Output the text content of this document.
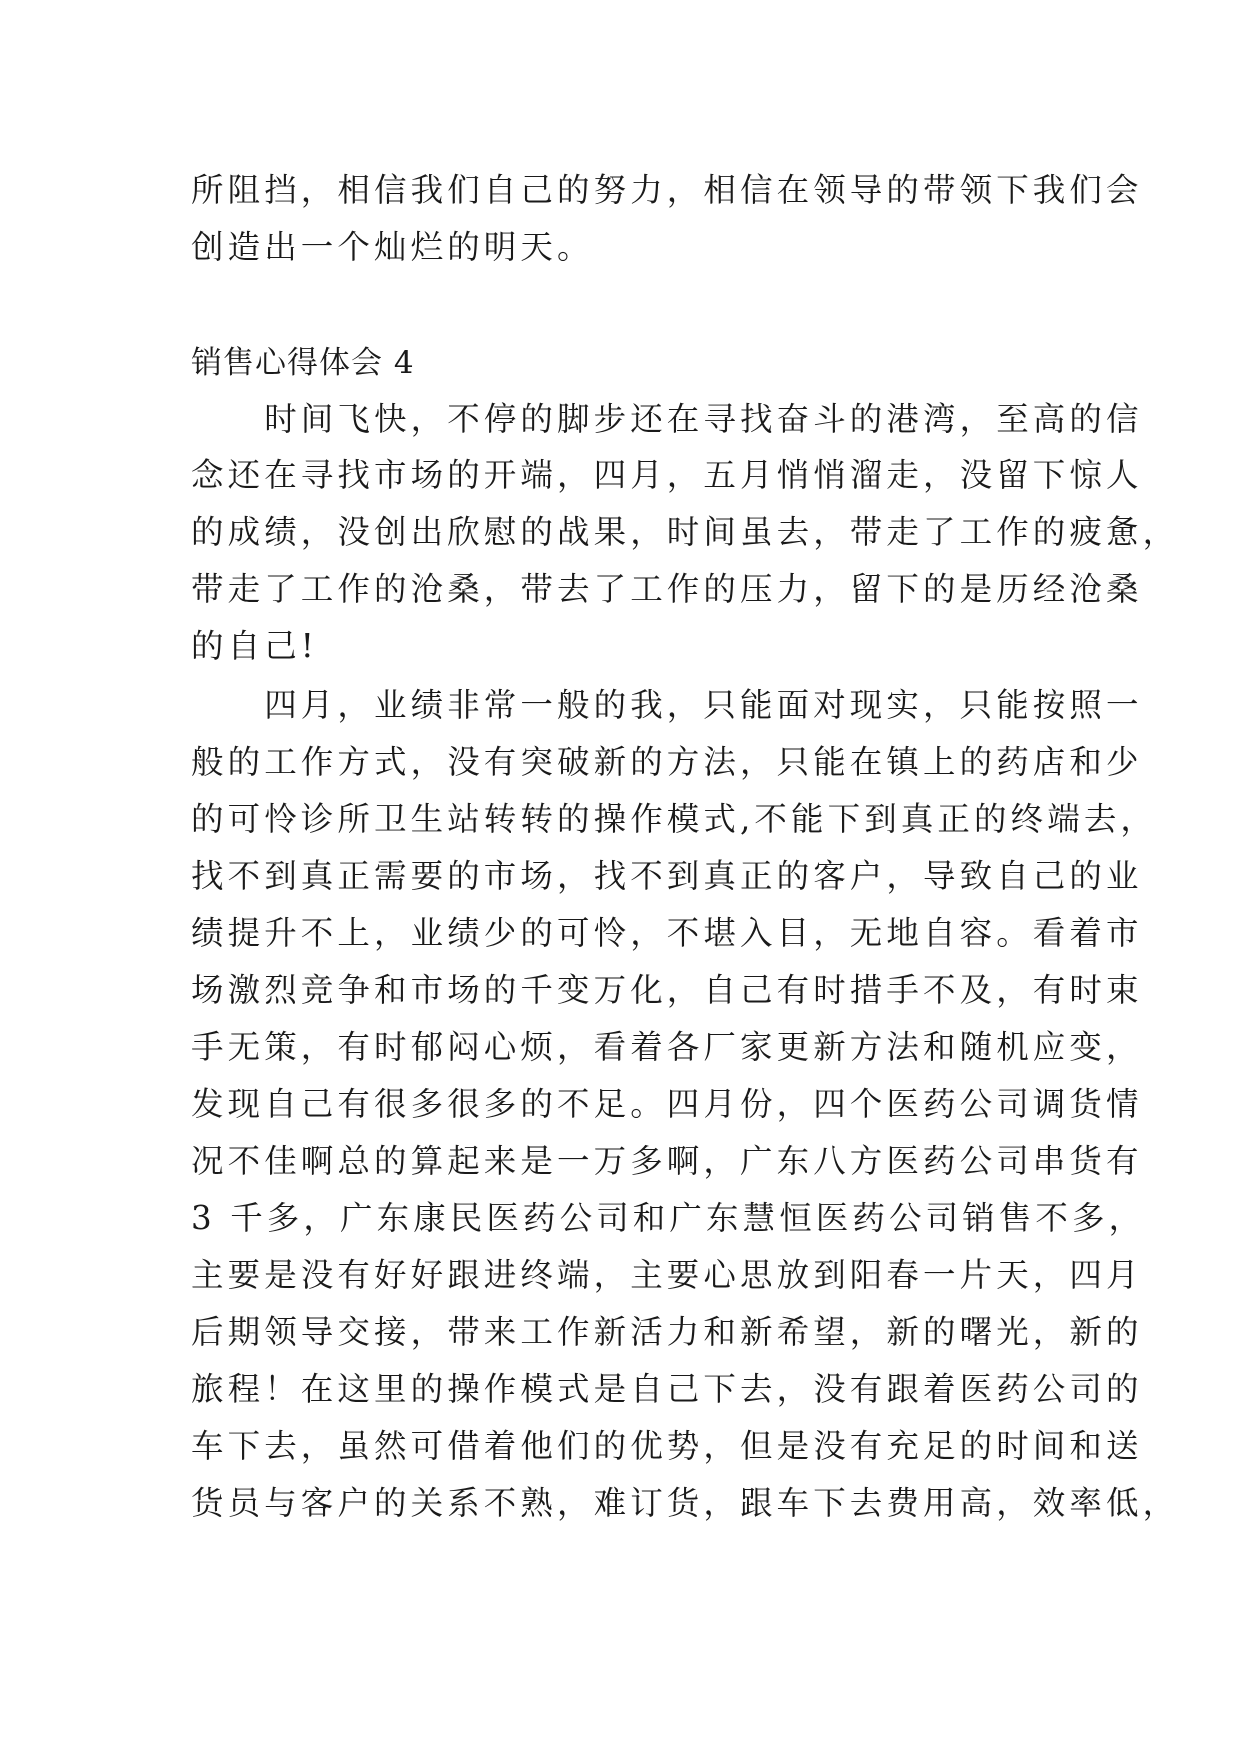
所阻挡，相信我们自己的努力，相信在领导的带领下我们会
创造出一个灿烂的明天。
销售心得体会 4
　　时间飞快，不停的脚步还在寻找奋斗的港湾，至高的信
念还在寻找市场的开端，四月，五月悄悄溜走，没留下惊人
的成绩，没创出欣慰的战果，时间虽去，带走了工作的疲惫，
带走了工作的沧桑，带去了工作的压力，留下的是历经沧桑
的自己!
　　四月，业绩非常一般的我，只能面对现实，只能按照一
般的工作方式，没有突破新的方法，只能在镇上的药店和少
的可怜诊所卫生站转转的操作模式,不能下到真正的终端去，
找不到真正需要的市场，找不到真正的客户，导致自己的业
绩提升不上，业绩少的可怜，不堪入目，无地自容。看着市
场激烈竞争和市场的千变万化，自己有时措手不及，有时束
手无策，有时郁闷心烦，看着各厂家更新方法和随机应变，
发现自己有很多很多的不足。四月份，四个医药公司调货情
况不佳啊总的算起来是一万多啊，广东八方医药公司串货有
3 千多，广东康民医药公司和广东慧恒医药公司销售不多，
主要是没有好好跟进终端，主要心思放到阳春一片天，四月
后期领导交接，带来工作新活力和新希望，新的曙光，新的
旅程！在这里的操作模式是自己下去，没有跟着医药公司的
车下去，虽然可借着他们的优势，但是没有充足的时间和送
货员与客户的关系不熟，难订货，跟车下去费用高，效率低，
